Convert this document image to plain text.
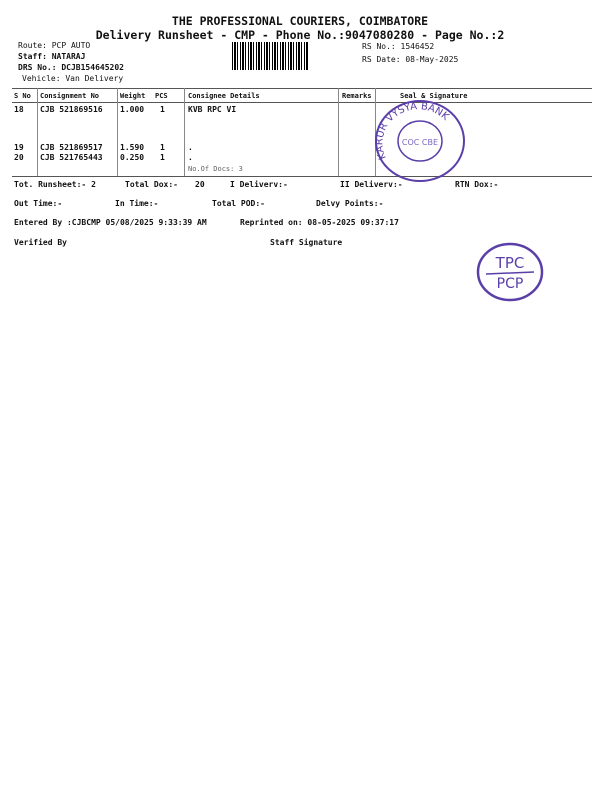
THE PROFESSIONAL COURIERS, COIMBATORE
Delivery Runsheet - CMP - Phone No.:9047080280 - Page No.:2
Route: PCP AUTO
Staff: NATARAJ
DRS No.: DCJB154645202
Vehicle: Van Delivery
RS No.: 1546452
RS Date: 08-May-2025
S No Consignment No	Weight PCS	Consignee Details	Remarks	Seal & Signature
18 CJB 521869516 1.000 1	KVB RPC VI
19 CJB 521869517 1.590 1	.
20 CJB 521765443 0.250 1	.
No.Of Docs: 3
Tot. Runsheet:- 2	Total Dox:- 20	I Deliverv:-	II Deliverv:-	RTN Dox:-
Out Time:-	In Time:-	Total POD:-	Delvy Points:-
Entered By :CJBCMP 05/08/2025 9:33:39 AM	Reprinted on: 08-05-2025 09:37:17
Verified By	Staff Signature
KARUR VYSYA BANK
COC CBE
TPC
PCP
